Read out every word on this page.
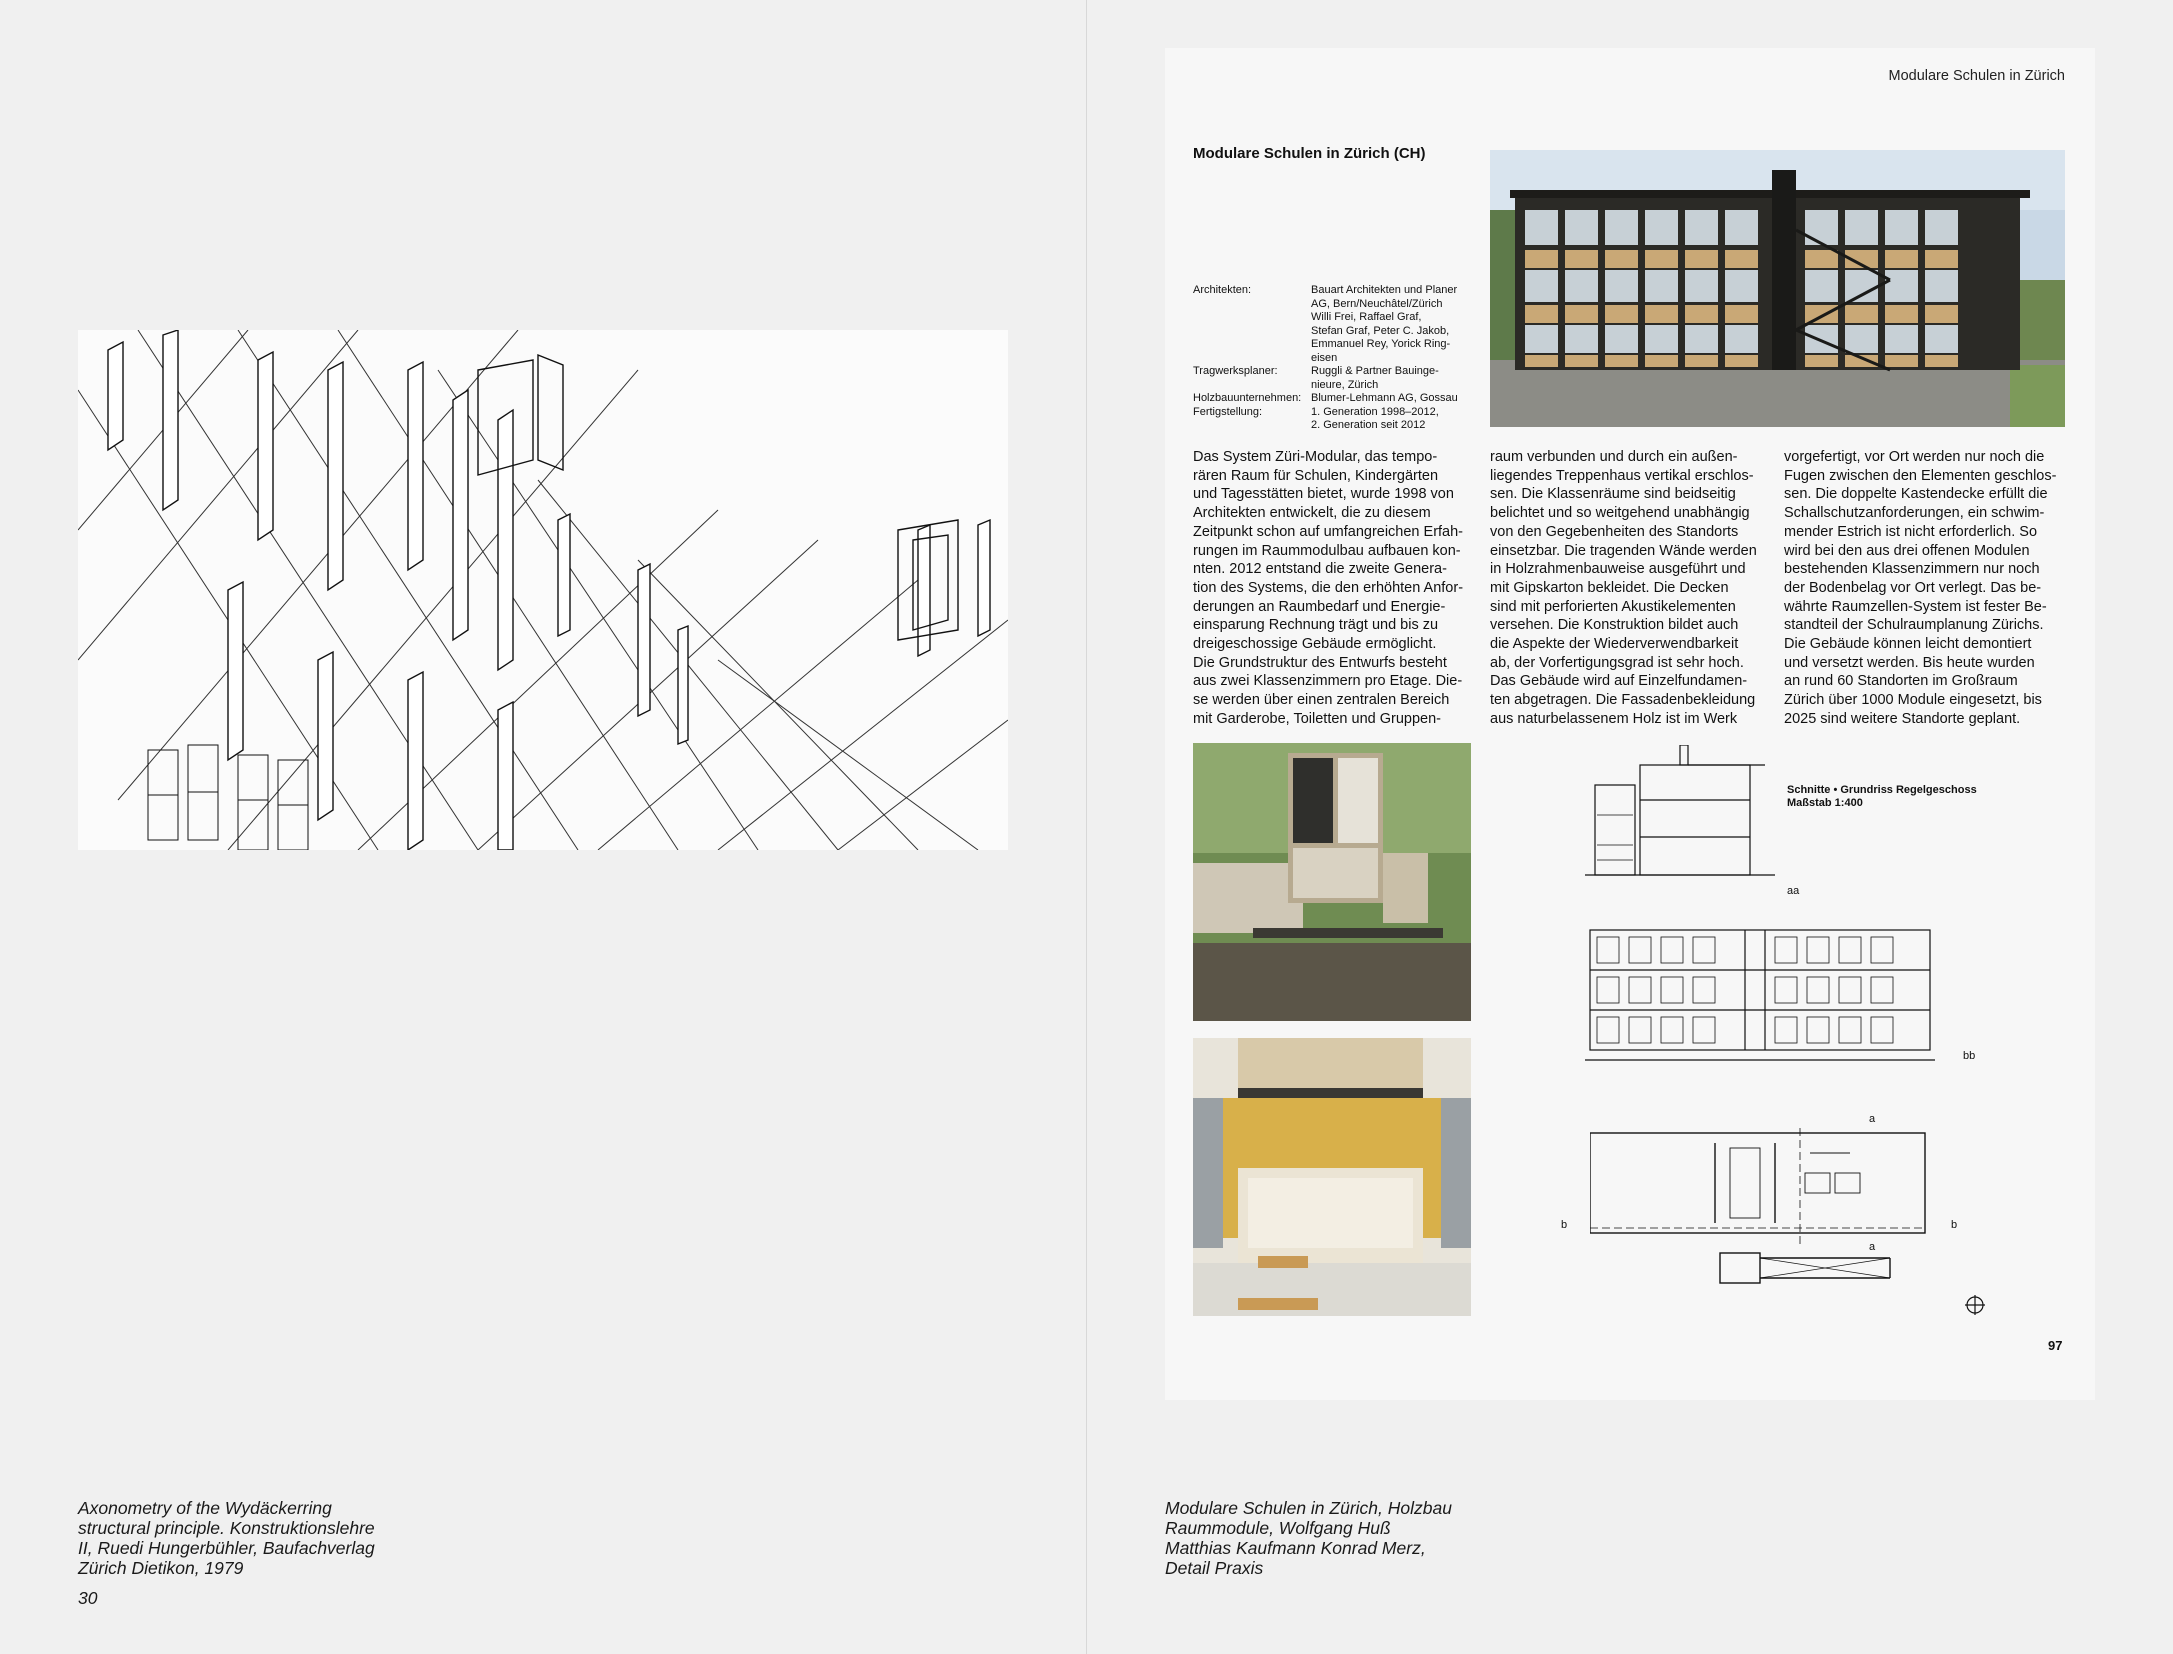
Axonometry of the Wydäckerring
structural principle. Konstruktionslehre
II, Ruedi Hungerbühler, Baufachverlag
Zürich Dietikon, 1979
30
Modulare Schulen in Zürich
Modulare Schulen in Zürich (CH)
Architekten:	Bauart Architekten und Planer
AG, Bern/Neuchâtel/Zürich
Willi Frei, Raffael Graf,
Stefan Graf, Peter C. Jakob,
Emmanuel Rey, Yorick Ring-
eisen
Tragwerksplaner:	Ruggli & Partner Bauinge-
nieure, Zürich
Holzbauunternehmen: Blumer-Lehmann AG, Gossau
Fertigstellung:	1. Generation 1998–2012,
2. Generation seit 2012
Das System Züri-Modular, das tempo-
rären Raum für Schulen, Kindergärten
und Tagesstätten bietet, wurde 1998 von
Architekten entwickelt, die zu diesem
Zeitpunkt schon auf umfangreichen Erfah-
rungen im Raummodulbau aufbauen kon-
nten. 2012 entstand die zweite Genera-
tion des Systems, die den erhöhten Anfor-
derungen an Raumbedarf und Energie-
einsparung Rechnung trägt und bis zu
dreigeschossige Gebäude ermöglicht.
Die Grundstruktur des Entwurfs besteht
aus zwei Klassenzimmern pro Etage. Die-
se werden über einen zentralen Bereich
mit Garderobe, Toiletten und Gruppen-
raum verbunden und durch ein außen-
liegendes Treppenhaus vertikal erschlos-
sen. Die Klassenräume sind beidseitig
belichtet und so weitgehend unabhängig
von den Gegebenheiten des Standorts
einsetzbar. Die tragenden Wände werden
in Holzrahmenbauweise ausgeführt und
mit Gipskarton bekleidet. Die Decken
sind mit perforierten Akustikelementen
versehen. Die Konstruktion bildet auch
die Aspekte der Wiederverwendbarkeit
ab, der Vorfertigungsgrad ist sehr hoch.
Das Gebäude wird auf Einzelfundamen-
ten abgetragen. Die Fassadenbekleidung
aus naturbelassenem Holz ist im Werk
vorgefertigt, vor Ort werden nur noch die
Fugen zwischen den Elementen geschlos-
sen. Die doppelte Kastendecke erfüllt die
Schallschutzanforderungen, ein schwim-
mender Estrich ist nicht erforderlich. So
wird bei den aus drei offenen Modulen
bestehenden Klassenzimmern nur noch
der Bodenbelag vor Ort verlegt. Das be-
währte Raumzellen-System ist fester Be-
standteil der Schulraumplanung Zürichs.
Die Gebäude können leicht demontiert
und versetzt werden. Bis heute wurden
an rund 60 Standorten im Großraum
Zürich über 1000 Module eingesetzt, bis
2025 sind weitere Standorte geplant.
Schnitte • Grundriss Regelgeschoss
Maßstab 1:400
aa
bb
a
a
b	b
97
Modulare Schulen in Zürich, Holzbau
Raummodule, Wolfgang Huß
Matthias Kaufmann Konrad Merz,
Detail Praxis
